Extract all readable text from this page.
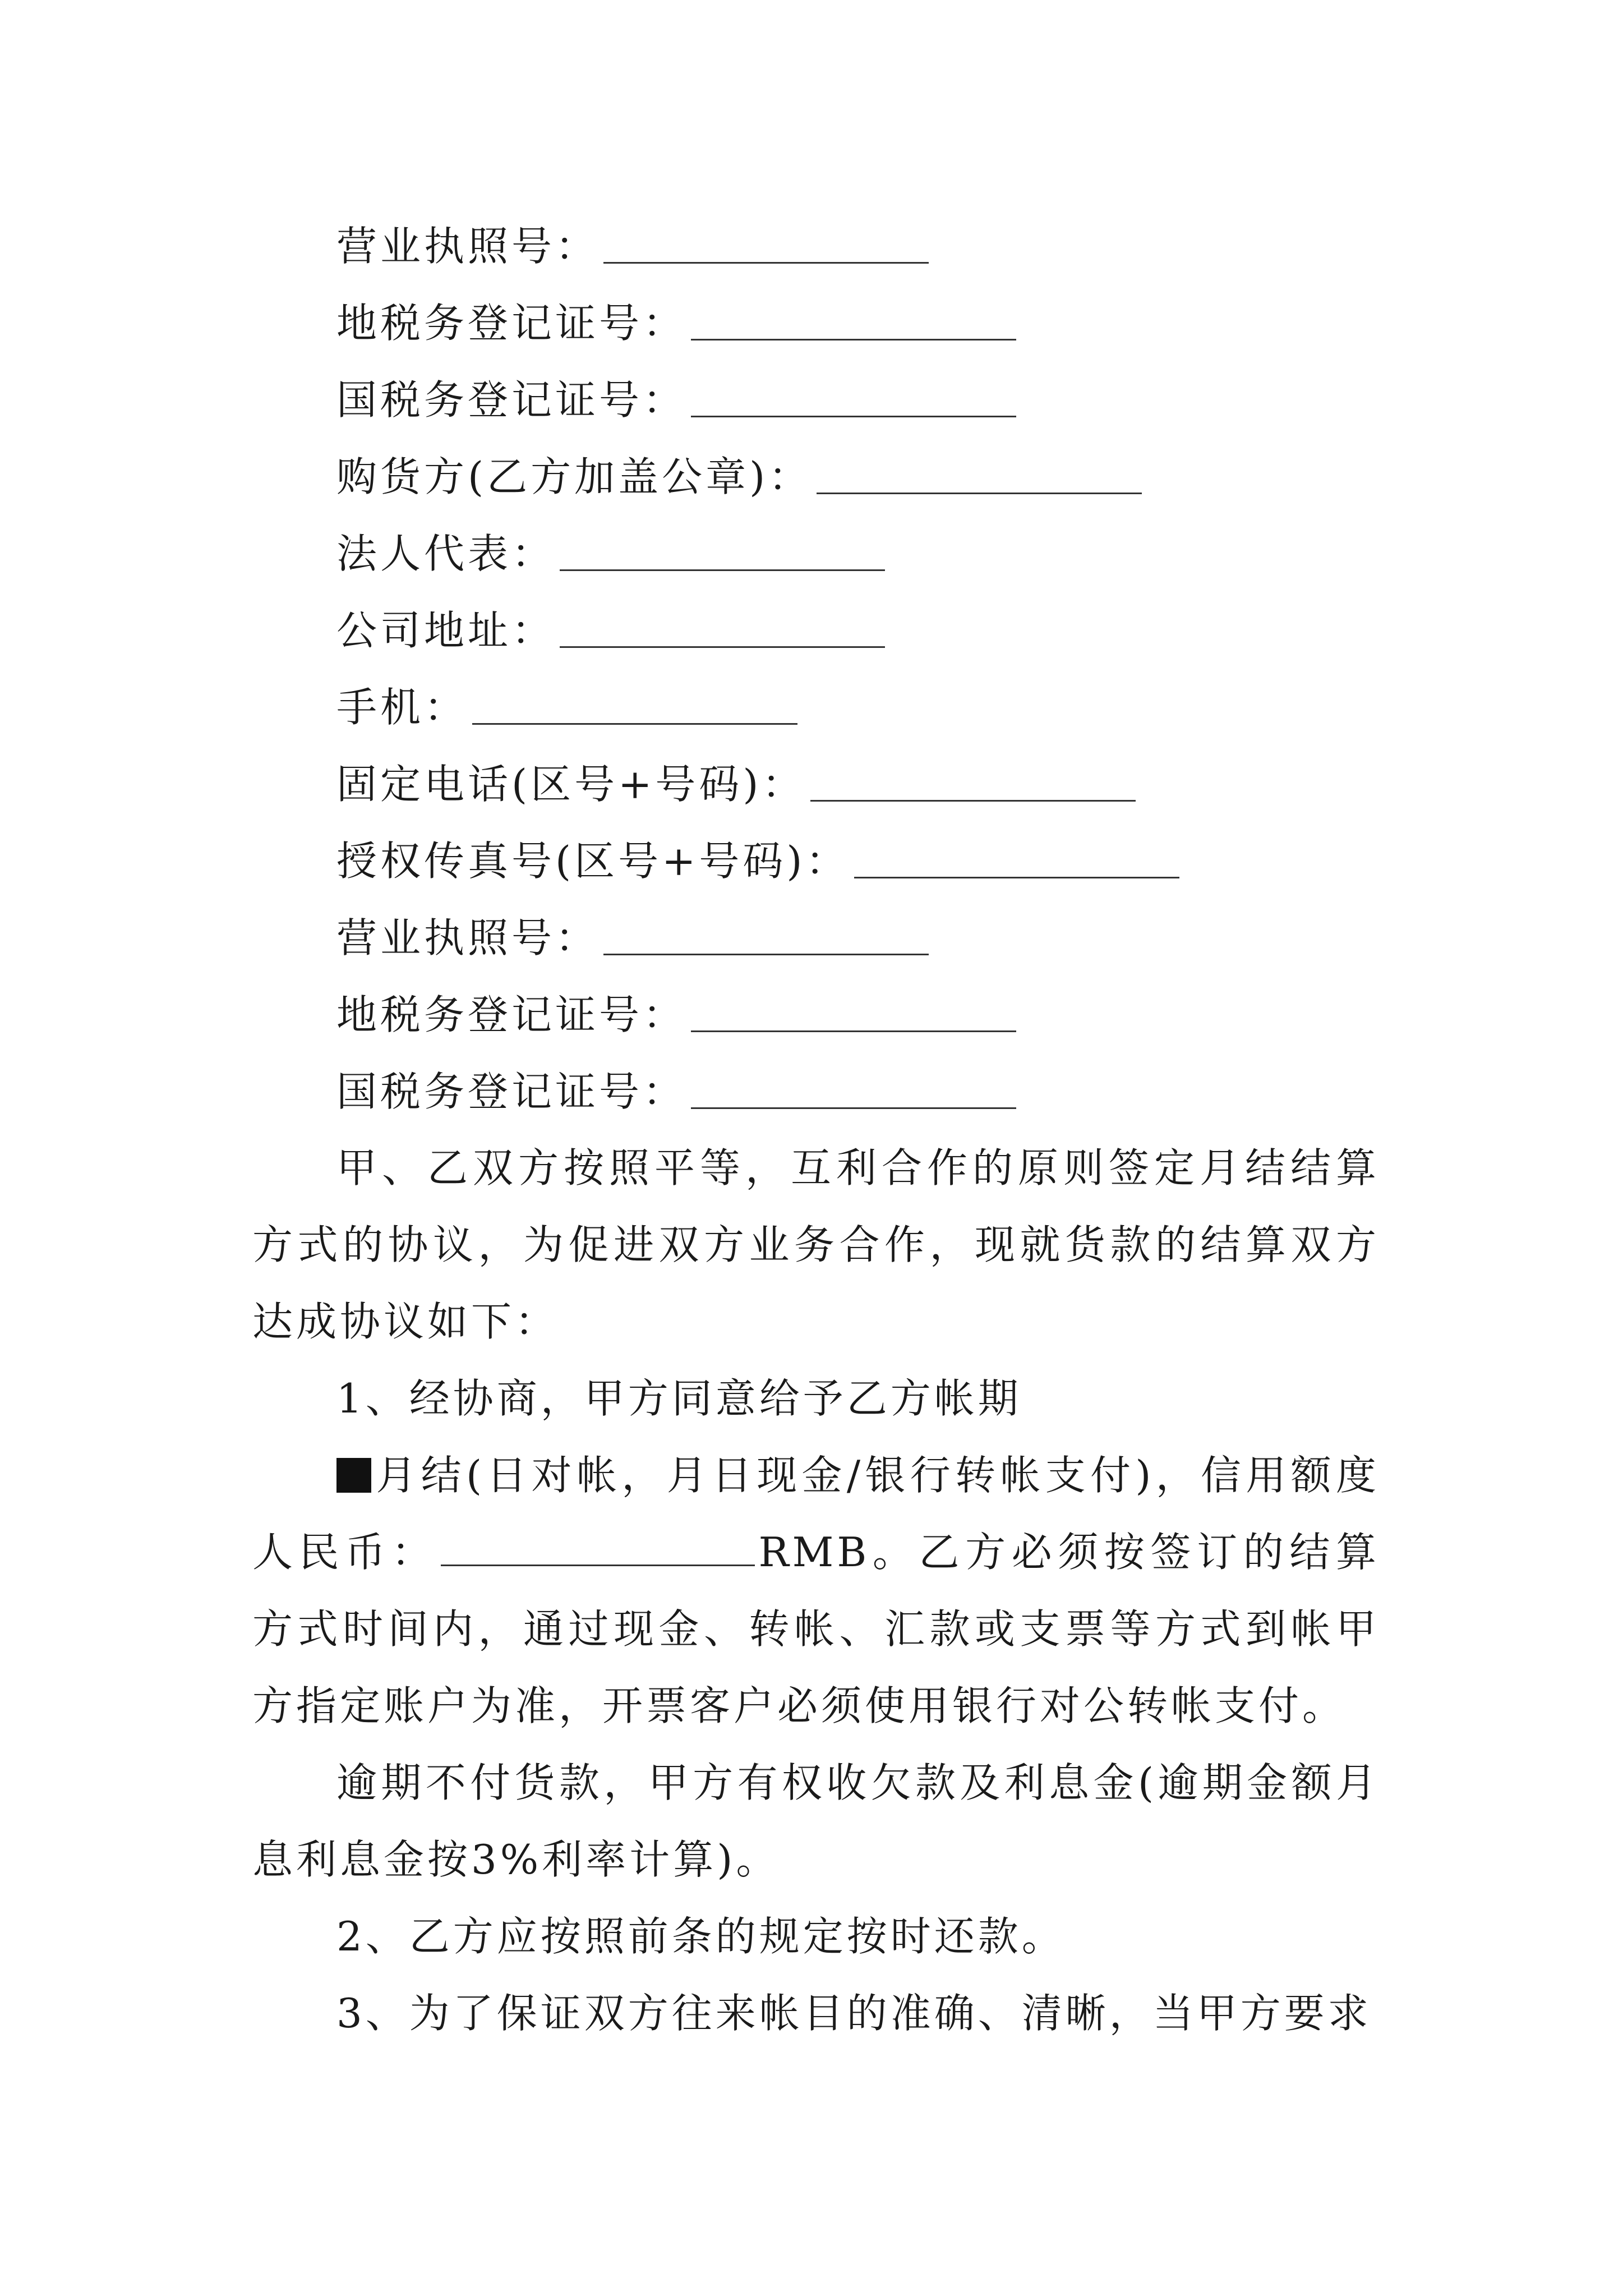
营业执照号：
地税务登记证号：
国税务登记证号：
购货方(乙方加盖公章)：
法人代表：
公司地址：
手机：
固定电话(区号+号码)：
授权传真号(区号+号码)：
营业执照号：
地税务登记证号：
国税务登记证号：

甲、乙双方按照平等，互利合作的原则签定月结结算方式的协议，为促进双方业务合作，现就货款的结算双方达成协议如下：

1、经协商，甲方同意给予乙方帐期

月结(日对帐，月日现金/银行转帐支付)，信用额度人民币：	RMB。乙方必须按签订的结算方式时间内，通过现金、转帐、汇款或支票等方式到帐甲方指定账户为准，开票客户必须使用银行对公转帐支付。

逾期不付货款，甲方有权收欠款及利息金(逾期金额月息利息金按3%利率计算)。

2、乙方应按照前条的规定按时还款。

3、为了保证双方往来帐目的准确、清晰，当甲方要求
